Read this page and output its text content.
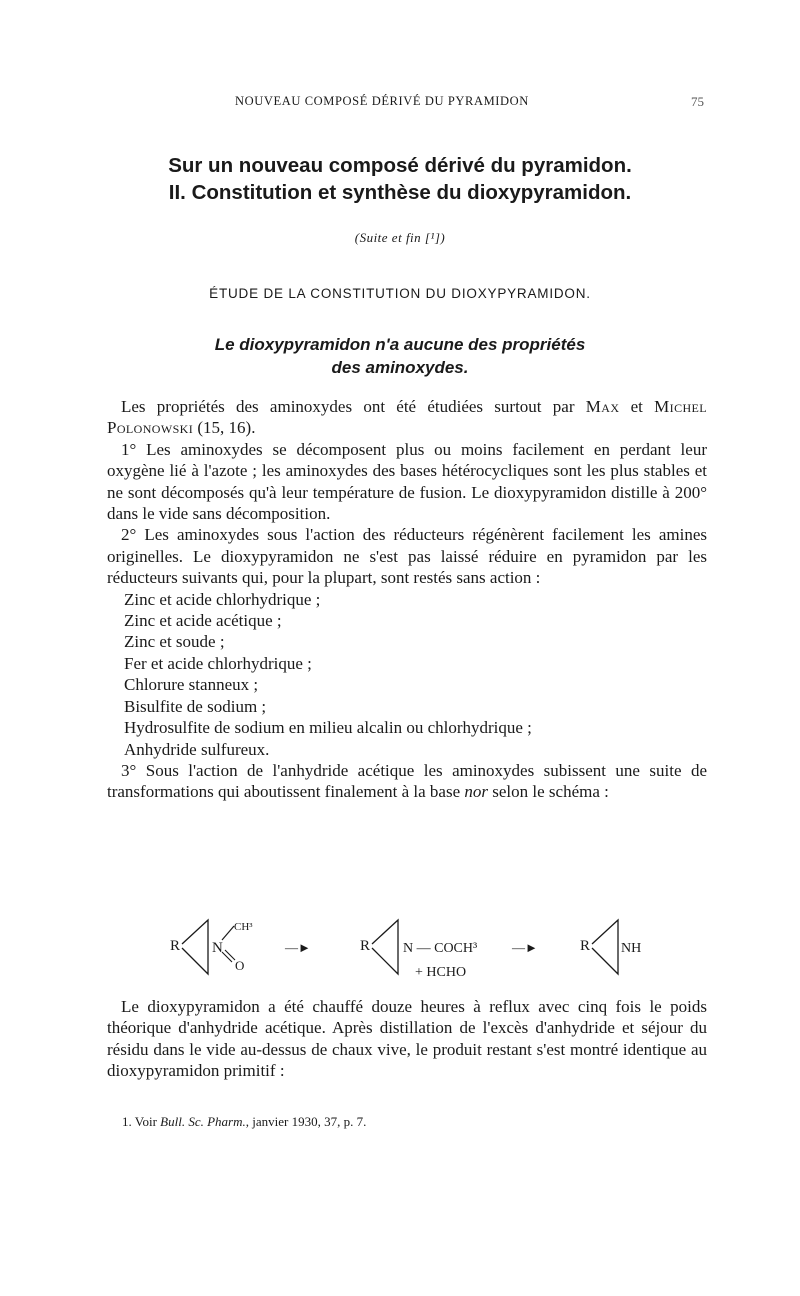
NOUVEAU COMPOSÉ DÉRIVÉ DU PYRAMIDON	75
Sur un nouveau composé dérivé du pyramidon.
II. Constitution et synthèse du dioxypyramidon.
(Suite et fin [¹])
ÉTUDE DE LA CONSTITUTION DU DIOXYPYRAMIDON.
Le dioxypyramidon n'a aucune des propriétés
des aminoxydes.

Les propriétés des aminoxydes ont été étudiées surtout par Max et Michel Polonowski (15, 16).

1° Les aminoxydes se décomposent plus ou moins facilement en perdant leur oxygène lié à l'azote ; les aminoxydes des bases hétérocycliques sont les plus stables et ne sont décomposés qu'à leur température de fusion. Le dioxypyramidon distille à 200° dans le vide sans décomposition.

2° Les aminoxydes sous l'action des réducteurs régénèrent facilement les amines originelles. Le dioxypyramidon ne s'est pas laissé réduire en pyramidon par les réducteurs suivants qui, pour la plupart, sont restés sans action :

Zinc et acide chlorhydrique ;
Zinc et acide acétique ;
Zinc et soude ;
Fer et acide chlorhydrique ;
Chlorure stanneux ;
Bisulfite de sodium ;
Hydrosulfite de sodium en milieu alcalin ou chlorhydrique ;
Anhydride sulfureux.

3° Sous l'action de l'anhydride acétique les aminoxydes subissent une suite de transformations qui aboutissent finalement à la base nor selon le schéma :

R N
CH³
O
—►	R N — COCH³
+ HCHO
—►	R NH

Le dioxypyramidon a été chauffé douze heures à reflux avec cinq fois le poids théorique d'anhydride acétique. Après distillation de l'excès d'anhydride et séjour du résidu dans le vide au-dessus de chaux vive, le produit restant s'est montré identique au dioxypyramidon primitif :

1. Voir Bull. Sc. Pharm., janvier 1930, 37, p. 7.
